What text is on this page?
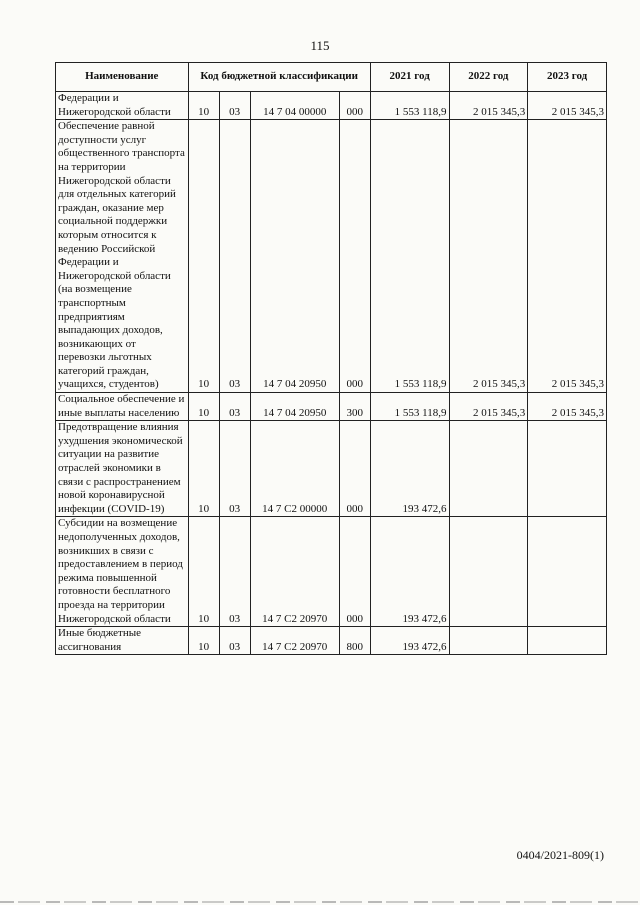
115
Наименование	Код бюджетной классификации				2021 год	2022 год	2023 год
Федерации и Нижегородской области	10	03	14 7 04 00000	000	1 553 118,9	2 015 345,3	2 015 345,3
Обеспечение равной доступности услуг общественного транспорта на территории Нижегородской области для отдельных категорий граждан, оказание мер социальной поддержки которым относится к ведению Российской Федерации и Нижегородской области (на возмещение транспортным предприятиям выпадающих доходов, возникающих от перевозки льготных категорий граждан, учащихся, студентов)	10	03	14 7 04 20950	000	1 553 118,9	2 015 345,3	2 015 345,3
Социальное обеспечение и иные выплаты населению	10	03	14 7 04 20950	300	1 553 118,9	2 015 345,3	2 015 345,3
Предотвращение влияния ухудшения экономической ситуации на развитие отраслей экономики в связи с распространением новой коронавирусной инфекции (COVID-19)	10	03	14 7 C2 00000	000	193 472,6		
Субсидии на возмещение недополученных доходов, возникших в связи с предоставлением в период режима повышенной готовности бесплатного проезда на территории Нижегородской области	10	03	14 7 C2 20970	000	193 472,6		
Иные бюджетные ассигнования	10	03	14 7 C2 20970	800	193 472,6		
0404/2021-809(1)
